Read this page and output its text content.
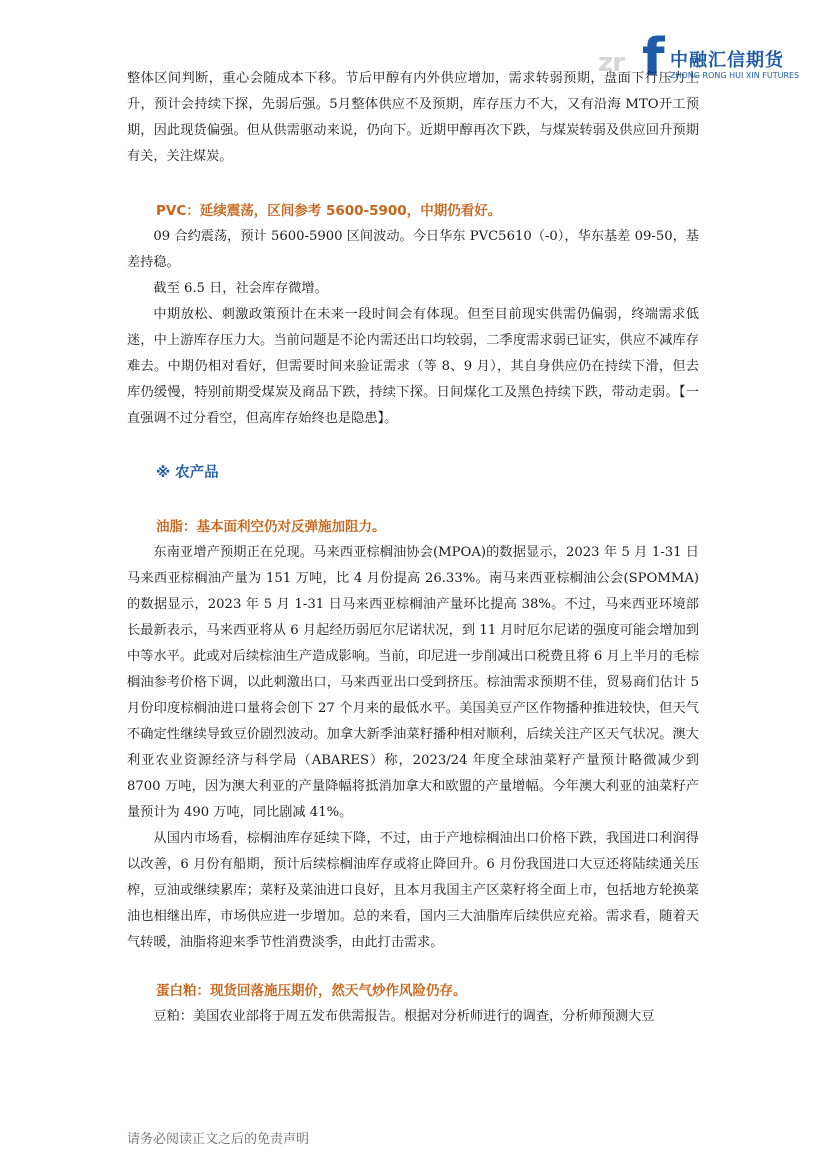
zr f 中融汇信期货
ZHONG RONG HUI XIN FUTURES

整体区间判断，重心会随成本下移。节后甲醇有内外供应增加，需求转弱预期，盘面下行压力上升，预计会持续下探，先弱后强。5月整体供应不及预期，库存压力不大，又有沿海 MTO开工预期，因此现货偏强。但从供需驱动来说，仍向下。近期甲醇再次下跌，与煤炭转弱及供应回升预期有关，关注煤炭。

PVC：延续震荡，区间参考 5600-5900，中期仍看好。

09 合约震荡，预计 5600-5900 区间波动。今日华东 PVC5610（-0），华东基差 09-50，基差持稳。

截至 6.5 日，社会库存微增。

中期放松、刺激政策预计在未来一段时间会有体现。但至目前现实供需仍偏弱，终端需求低迷，中上游库存压力大。当前问题是不论内需还出口均较弱，二季度需求弱已证实，供应不减库存难去。中期仍相对看好，但需要时间来验证需求（等 8、9 月），其自身供应仍在持续下滑，但去库仍缓慢，特别前期受煤炭及商品下跌，持续下探。日间煤化工及黑色持续下跌，带动走弱。【一直强调不过分看空，但高库存始终也是隐患】。

※ 农产品
油脂：基本面利空仍对反弹施加阻力。

东南亚增产预期正在兑现。马来西亚棕榈油协会(MPOA)的数据显示，2023 年 5 月 1-31 日马来西亚棕榈油产量为 151 万吨，比 4 月份提高 26.33%。南马来西亚棕榈油公会(SPOMMA)的数据显示，2023 年 5 月 1-31 日马来西亚棕榈油产量环比提高 38%。不过，马来西亚环境部长最新表示，马来西亚将从 6 月起经历弱厄尔尼诺状况，到 11 月时厄尔尼诺的强度可能会增加到中等水平。此或对后续棕油生产造成影响。当前，印尼进一步削减出口税费且将 6 月上半月的毛棕榈油参考价格下调，以此刺激出口，马来西亚出口受到挤压。棕油需求预期不佳，贸易商们估计 5 月份印度棕榈油进口量将会创下 27 个月来的最低水平。美国美豆产区作物播种推进较快，但天气不确定性继续导致豆价剧烈波动。加拿大新季油菜籽播种相对顺利，后续关注产区天气状况。澳大利亚农业资源经济与科学局（ABARES）称，2023/24 年度全球油菜籽产量预计略微减少到 8700 万吨，因为澳大利亚的产量降幅将抵消加拿大和欧盟的产量增幅。今年澳大利亚的油菜籽产量预计为 490 万吨，同比剧减 41%。

从国内市场看，棕榈油库存延续下降，不过，由于产地棕榈油出口价格下跌，我国进口利润得以改善，6 月份有船期，预计后续棕榈油库存或将止降回升。6 月份我国进口大豆还将陆续通关压榨，豆油或继续累库；菜籽及菜油进口良好，且本月我国主产区菜籽将全面上市，包括地方轮换菜油也相继出库，市场供应进一步增加。总的来看，国内三大油脂库后续供应充裕。需求看，随着天气转暖，油脂将迎来季节性消费淡季，由此打击需求。

蛋白粕：现货回落施压期价，然天气炒作风险仍存。

豆粕：美国农业部将于周五发布供需报告。根据对分析师进行的调查，分析师预测大豆

请务必阅读正文之后的免责声明
